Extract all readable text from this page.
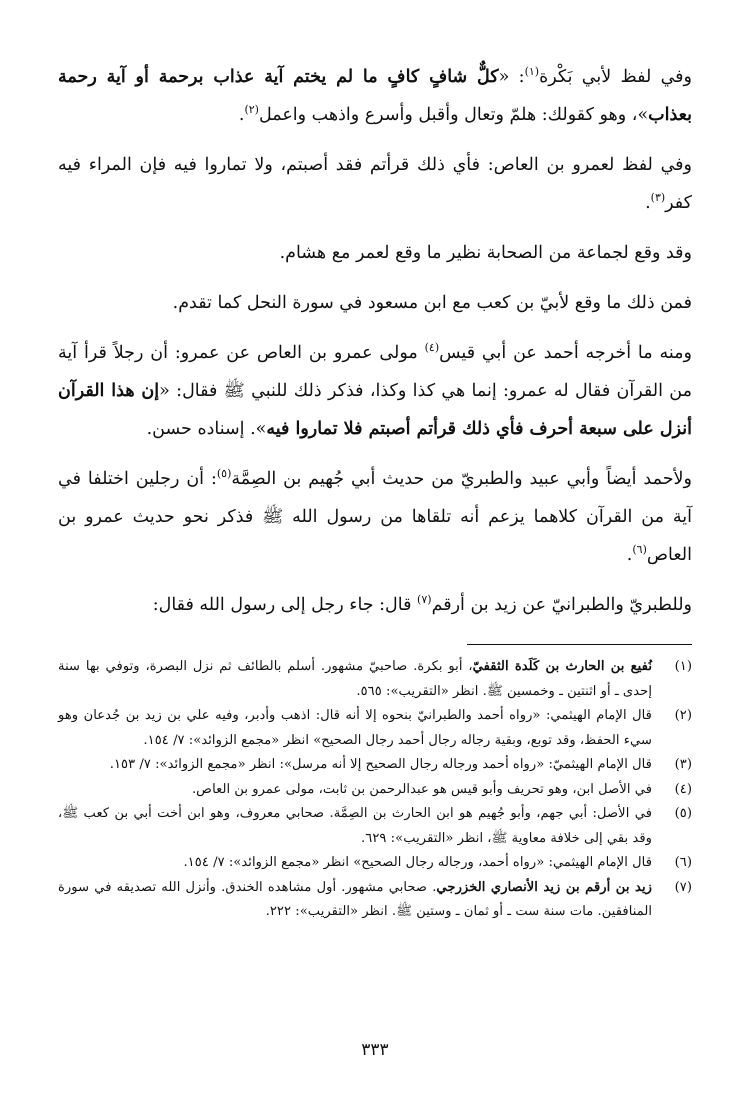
وفي لفظ لأبي بَكْرة$^{(١)}$: «كلٌّ شافٍ كافٍ ما لم يختم آية عذاب برحمة أو آية رحمة بعذاب»، وهو كقولك: هلمّ وتعال وأقبل وأسرع واذهب واعمل$^{(٢)}$.

وفي لفظ لعمرو بن العاص: فأي ذلك قرأتم فقد أصبتم، ولا تماروا فيه فإن المراء فيه كفر$^{(٣)}$.

وقد وقع لجماعة من الصحابة نظير ما وقع لعمر مع هشام.

فمن ذلك ما وقع لأبيّ بن كعب مع ابن مسعود في سورة النحل كما تقدم.

ومنه ما أخرجه أحمد عن أبي قيس$^{(٤)}$ مولى عمرو بن العاص عن عمرو: أن رجلاً قرأ آية من القرآن فقال له عمرو: إنما هي كذا وكذا، فذكر ذلك للنبي ﷺ فقال: «إن هذا القرآن أنزل على سبعة أحرف فأي ذلك قرأتم أصبتم فلا تماروا فيه». إسناده حسن.

ولأحمد أيضاً وأبي عبيد والطبريّ من حديث أبي جُهيم بن الصِمَّة$^{(٥)}$: أن رجلين اختلفا في آية من القرآن كلاهما يزعم أنه تلقاها من رسول الله ﷺ فذكر نحو حديث عمرو بن العاص$^{(٦)}$.

وللطبريّ والطبرانيّ عن زيد بن أرقم$^{(٧)}$ قال: جاء رجل إلى رسول الله فقال:

(١)
نُفيع بن الحارث بن كَلَدة الثقفيّ، أبو بكرة. صاحبيّ مشهور. أسلم بالطائف ثم نزل البصرة، وتوفي بها سنة إحدى ـ أو اثنتين ـ وخمسين ﷺ. انظر «التقريب»: ٥٦٥.
(٢)
قال الإمام الهيثمي: «رواه أحمد والطبرانيّ بنحوه إلا أنه قال: اذهب وأدبر، وفيه علي بن زيد بن جُدعان وهو سيء الحفظ، وقد توبع، وبقية رجاله رجال أحمد رجال الصحيح» انظر «مجمع الزوائد»: ٧/ ١٥٤.
(٣)
قال الإمام الهيثميّ: «رواه أحمد ورجاله رجال الصحيح إلا أنه مرسل»: انظر «مجمع الزوائد»: ٧/ ١٥٣.
(٤)
في الأصل ابن، وهو تحريف وأبو قيس هو عبدالرحمن بن ثابت، مولى عمرو بن العاص.
(٥)
في الأصل: أبي جهم، وأبو جُهيم هو ابن الحارث بن الصِمَّة. صحابي معروف، وهو ابن أخت أبي بن كعب ﷺ، وقد بقي إلى خلافة معاوية ﷺ، انظر «التقريب»: ٦٢٩.
(٦)
قال الإمام الهيثمي: «رواه أحمد، ورجاله رجال الصحيح» انظر «مجمع الزوائد»: ٧/ ١٥٤.
(٧)
زيد بن أرقم بن زيد الأنصاري الخزرجي. صحابي مشهور. أول مشاهده الخندق. وأنزل الله تصديقه في سورة المنافقين. مات سنة ست ـ أو ثمان ـ وستين ﷺ. انظر «التقريب»: ٢٢٢.
٣٣٣
